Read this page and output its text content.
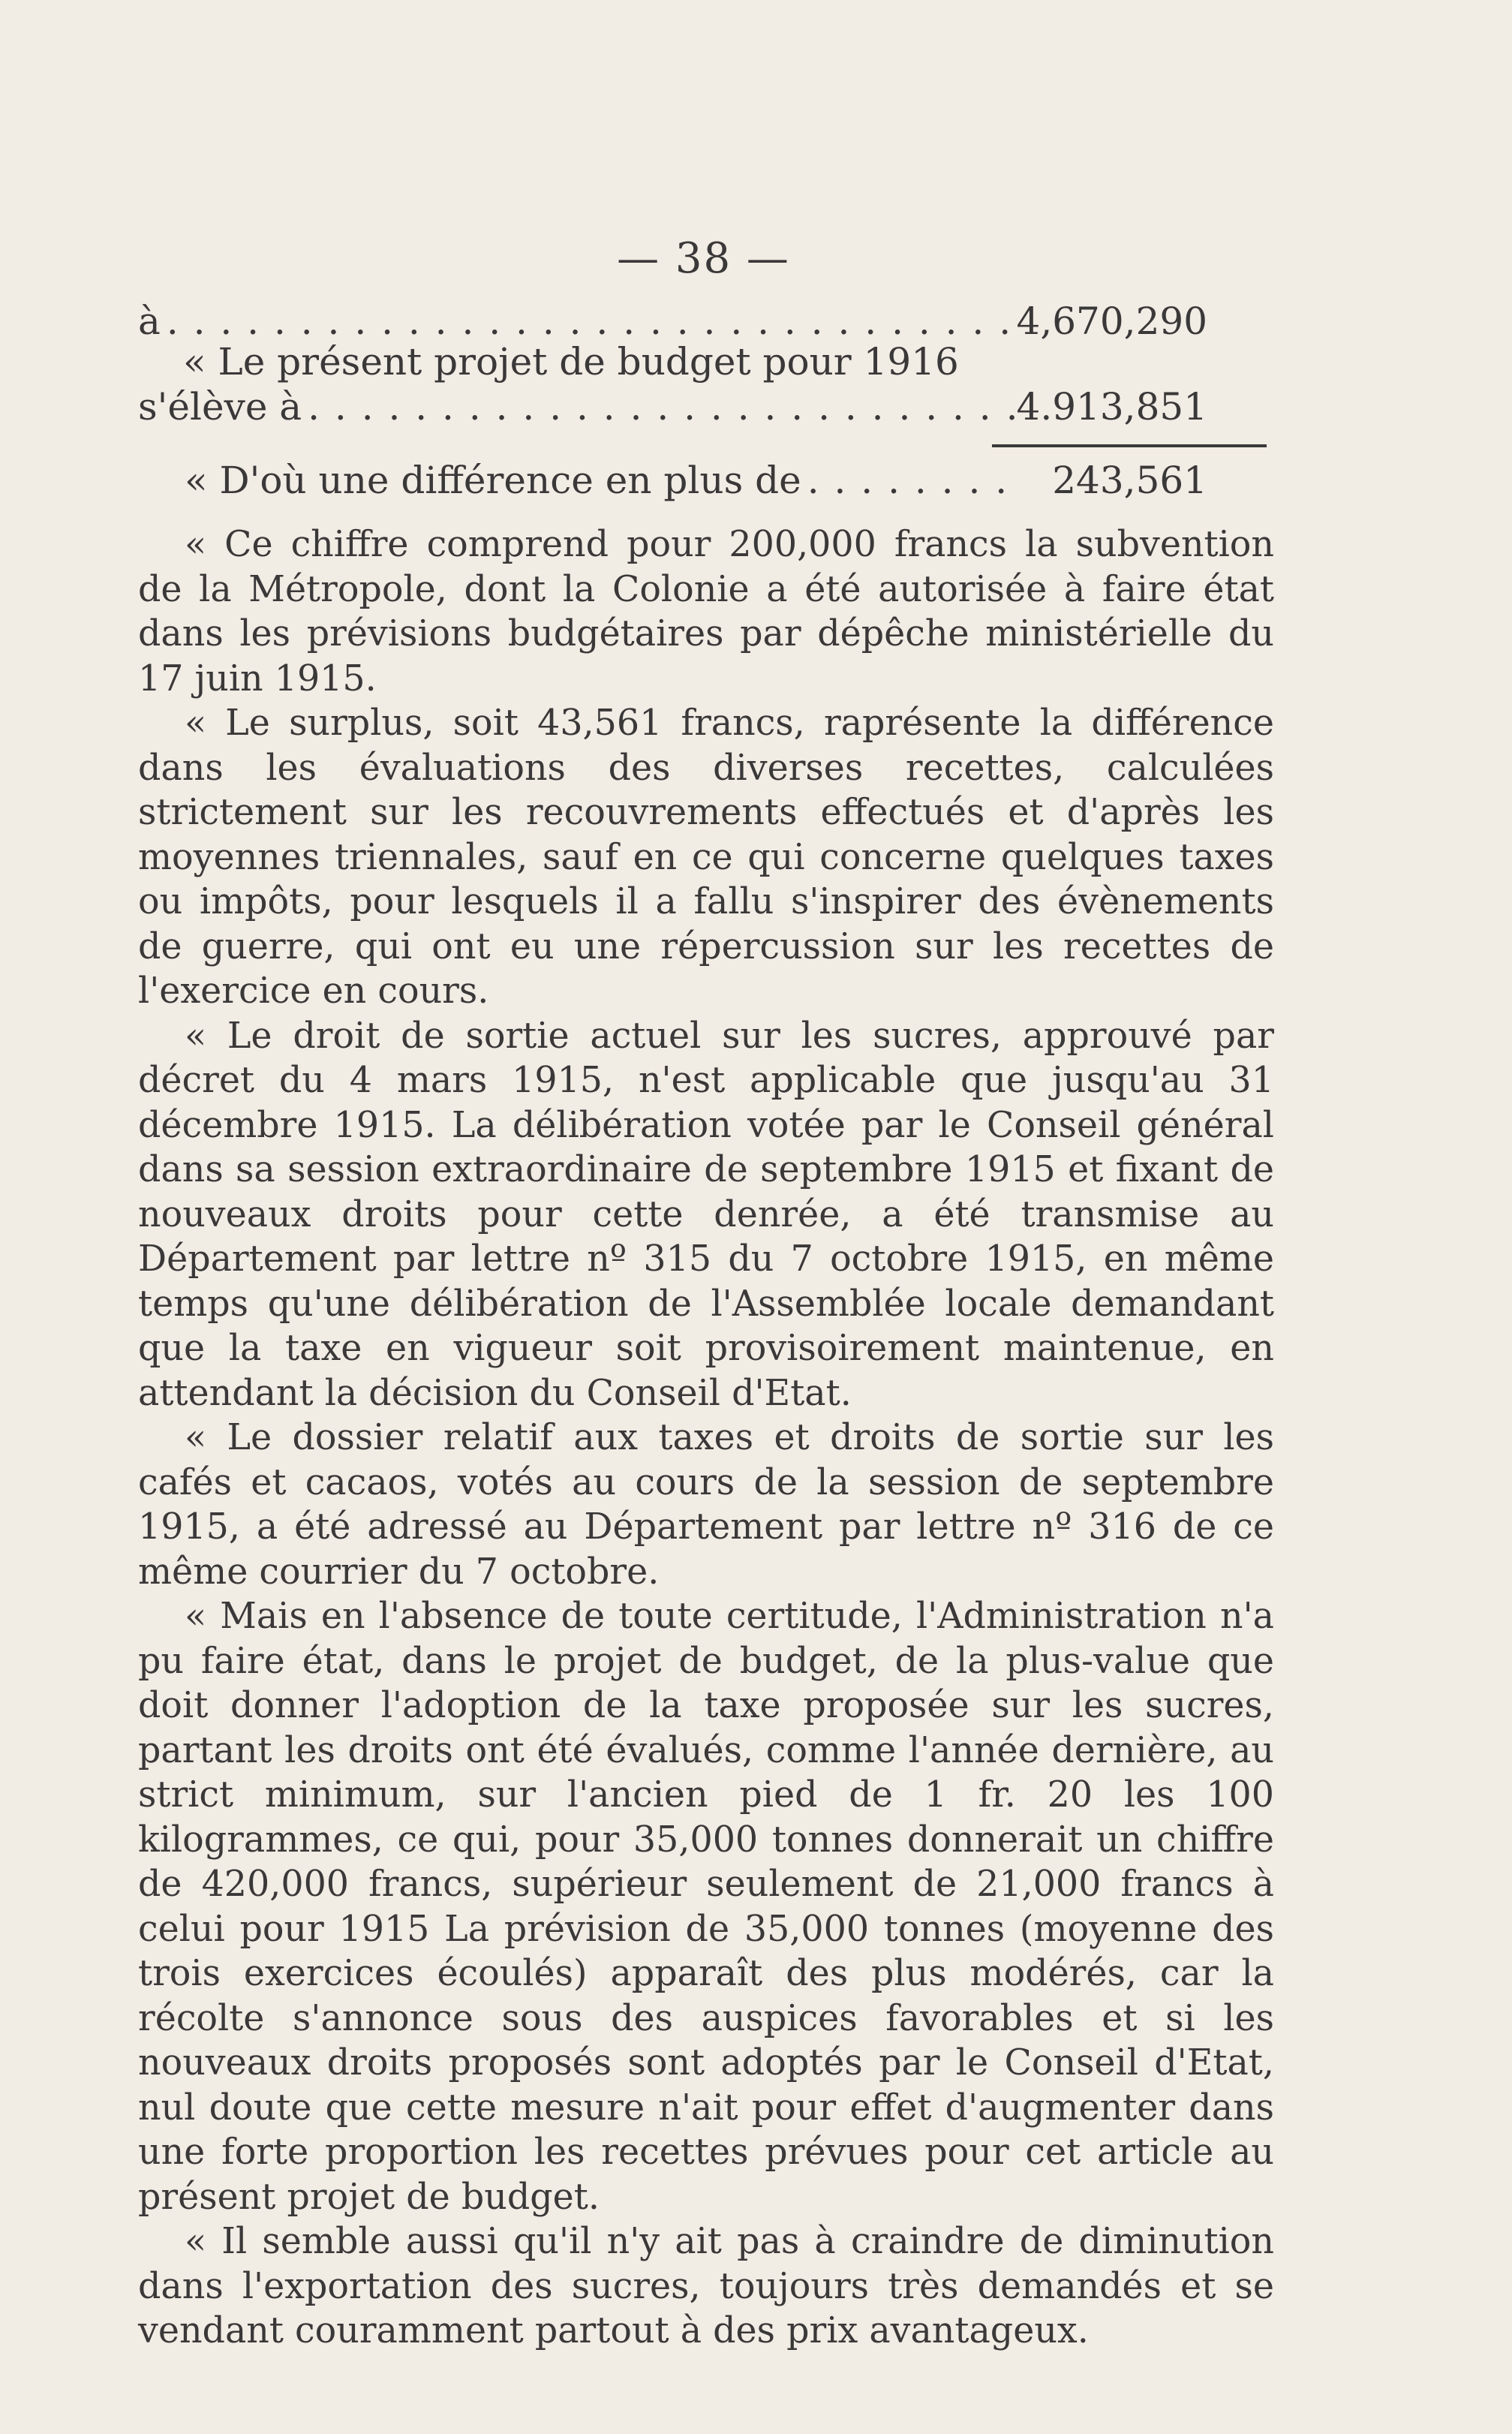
— 38 —
à . . .	4,670,290
« Le présent projet de budget pour 1916
s'élève à . . .	4.913,851
« D'où une différence en plus de . . .	243,561

« Ce chiffre comprend pour 200,000 francs la subvention de la Métropole, dont la Colonie a été autorisée à faire état dans les prévisions budgétaires par dépêche ministérielle du 17 juin 1915.

« Le surplus, soit 43,561 francs, raprésente la différence dans les évaluations des diverses recettes, calculées strictement sur les recouvrements effectués et d'après les moyennes triennales, sauf en ce qui concerne quelques taxes ou impôts, pour lesquels il a fallu s'inspirer des évènements de guerre, qui ont eu une répercussion sur les recettes de l'exercice en cours.

« Le droit de sortie actuel sur les sucres, approuvé par décret du 4 mars 1915, n'est applicable que jusqu'au 31 décembre 1915. La délibération votée par le Conseil général dans sa session extraordinaire de septembre 1915 et fixant de nouveaux droits pour cette denrée, a été transmise au Département par lettre nº 315 du 7 octobre 1915, en même temps qu'une délibération de l'Assemblée locale demandant que la taxe en vigueur soit provisoirement maintenue, en attendant la décision du Conseil d'Etat.

« Le dossier relatif aux taxes et droits de sortie sur les cafés et cacaos, votés au cours de la session de septembre 1915, a été adressé au Département par lettre nº 316 de ce même courrier du 7 octobre.

« Mais en l'absence de toute certitude, l'Administration n'a pu faire état, dans le projet de budget, de la plus-value que doit donner l'adoption de la taxe proposée sur les sucres, partant les droits ont été évalués, comme l'année dernière, au strict minimum, sur l'ancien pied de 1 fr. 20 les 100 kilogrammes, ce qui, pour 35,000 tonnes donnerait un chiffre de 420,000 francs, supérieur seulement de 21,000 francs à celui pour 1915 La prévision de 35,000 tonnes (moyenne des trois exercices écoulés) apparaît des plus modérés, car la récolte s'annonce sous des auspices favorables et si les nouveaux droits proposés sont adoptés par le Conseil d'Etat, nul doute que cette mesure n'ait pour effet d'augmenter dans une forte proportion les recettes prévues pour cet article au présent projet de budget.

« Il semble aussi qu'il n'y ait pas à craindre de diminution dans l'exportation des sucres, toujours très demandés et se vendant couramment partout à des prix avantageux.
